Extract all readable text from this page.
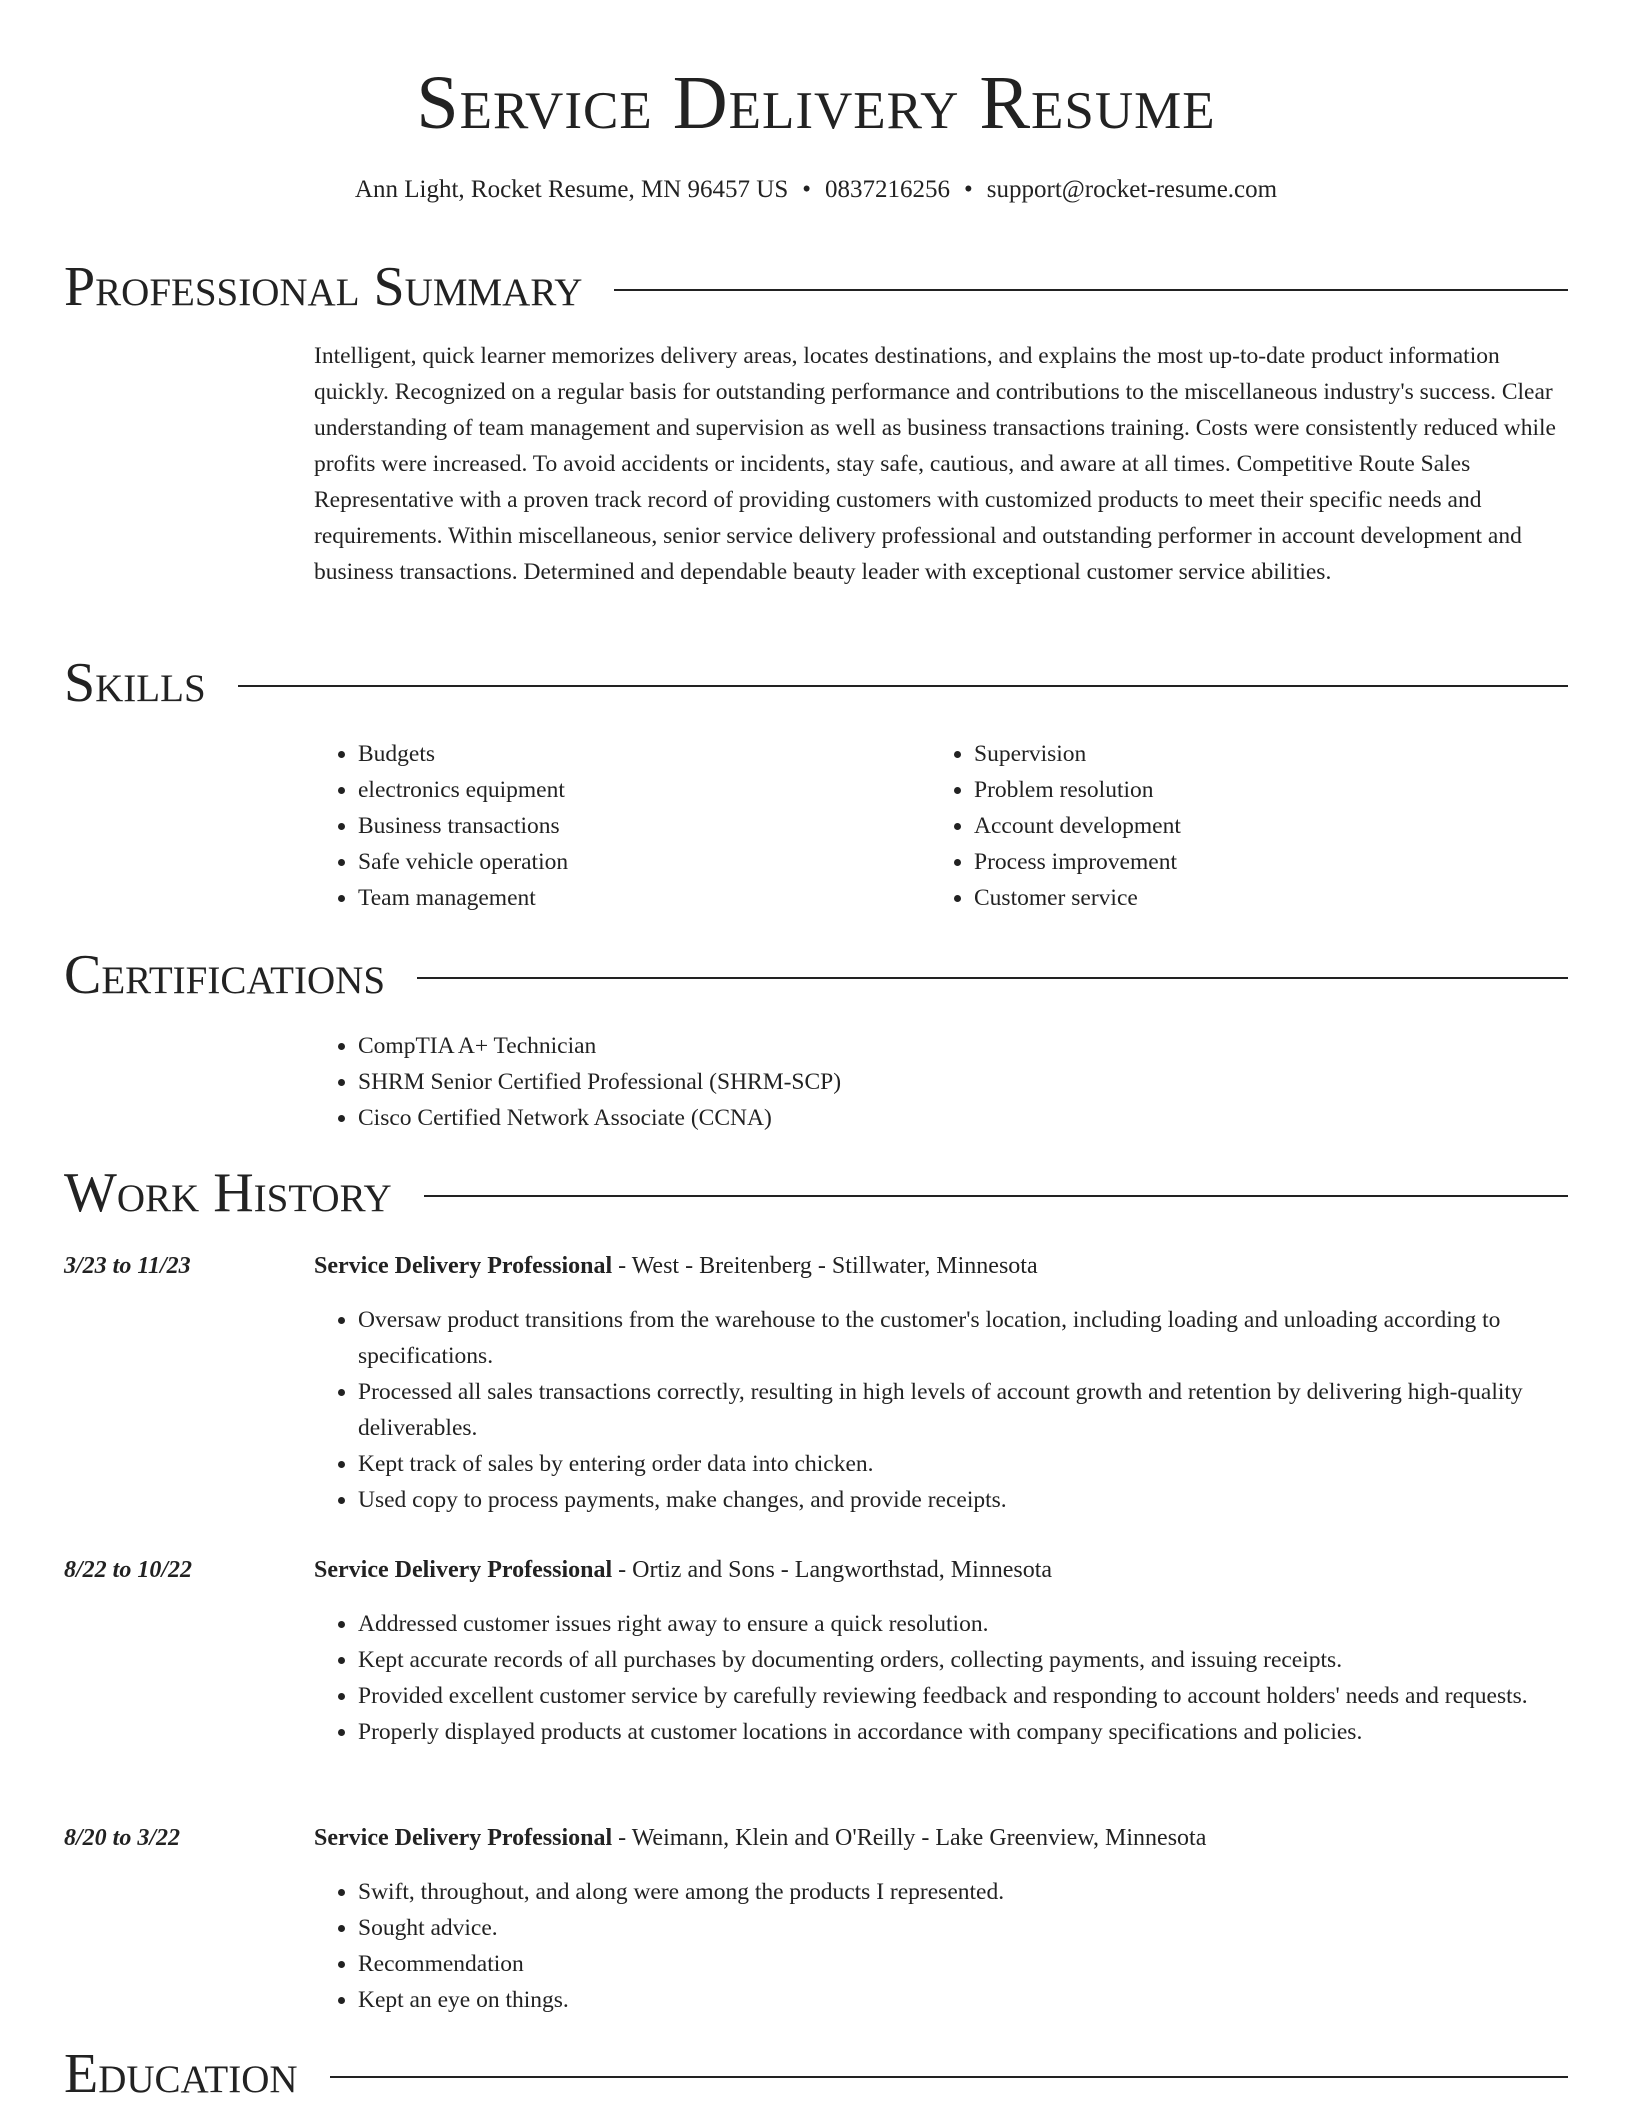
Service Delivery Resume
Ann Light, Rocket Resume, MN 96457 US • 0837216256 • support@rocket-resume.com
Professional Summary
Intelligent, quick learner memorizes delivery areas, locates destinations, and explains the most up-to-date product information quickly. Recognized on a regular basis for outstanding performance and contributions to the miscellaneous industry's success. Clear understanding of team management and supervision as well as business transactions training. Costs were consistently reduced while profits were increased. To avoid accidents or incidents, stay safe, cautious, and aware at all times. Competitive Route Sales Representative with a proven track record of providing customers with customized products to meet their specific needs and requirements. Within miscellaneous, senior service delivery professional and outstanding performer in account development and business transactions. Determined and dependable beauty leader with exceptional customer service abilities.
Skills
• Budgets
• electronics equipment
• Business transactions
• Safe vehicle operation
• Team management
• Supervision
• Problem resolution
• Account development
• Process improvement
• Customer service
Certifications
• CompTIA A+ Technician
• SHRM Senior Certified Professional (SHRM-SCP)
• Cisco Certified Network Associate (CCNA)
Work History
3/23 to 11/23	Service Delivery Professional - West - Breitenberg - Stillwater, Minnesota
• Oversaw product transitions from the warehouse to the customer's location, including loading and unloading according to specifications.
• Processed all sales transactions correctly, resulting in high levels of account growth and retention by delivering high-quality deliverables.
• Kept track of sales by entering order data into chicken.
• Used copy to process payments, make changes, and provide receipts.
8/22 to 10/22	Service Delivery Professional - Ortiz and Sons - Langworthstad, Minnesota
• Addressed customer issues right away to ensure a quick resolution.
• Kept accurate records of all purchases by documenting orders, collecting payments, and issuing receipts.
• Provided excellent customer service by carefully reviewing feedback and responding to account holders' needs and requests.
• Properly displayed products at customer locations in accordance with company specifications and policies.
8/20 to 3/22	Service Delivery Professional - Weimann, Klein and O'Reilly - Lake Greenview, Minnesota
• Swift, throughout, and along were among the products I represented.
• Sought advice.
• Recommendation
• Kept an eye on things.
Education
